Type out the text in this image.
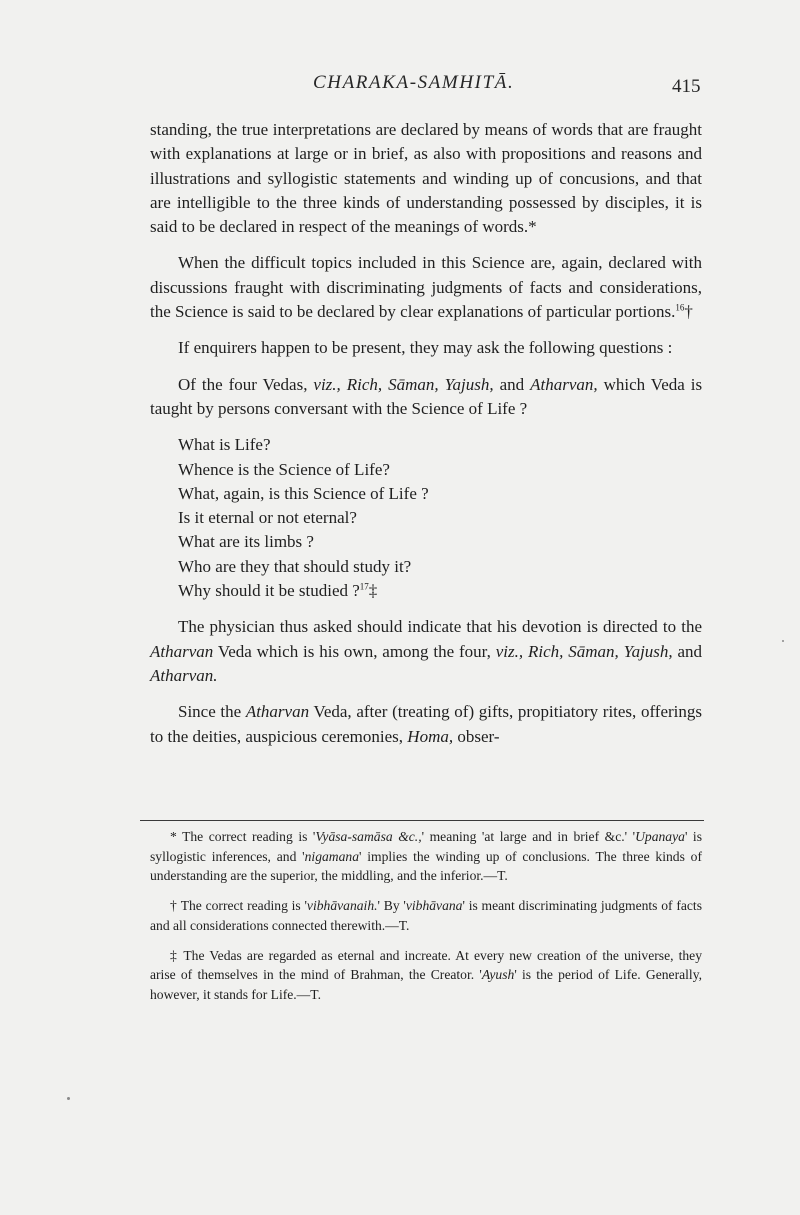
CHARAKA-SAMHITĀ.	415

standing, the true interpretations are declared by means of words that are fraught with explanations at large or in brief, as also with propositions and reasons and illustrations and syllogistic statements and winding up of concusions, and that are intelligible to the three kinds of understanding possessed by disciples, it is said to be declared in respect of the meanings of words.*

When the difficult topics included in this Science are, again, declared with discussions fraught with discriminating judgments of facts and considerations, the Science is said to be declared by clear explanations of particular portions.$^{16}$†

If enquirers happen to be present, they may ask the following questions :

Of the four Vedas, viz., Rich, Sāman, Yajush, and Atharvan, which Veda is taught by persons conversant with the Science of Life ?

What is Life?
Whence is the Science of Life?
What, again, is this Science of Life ?
Is it eternal or not eternal?
What are its limbs ?
Who are they that should study it?
Why should it be studied ?$^{17}$‡

The physician thus asked should indicate that his devotion is directed to the Atharvan Veda which is his own, among the four, viz., Rich, Sāman, Yajush, and Atharvan.

Since the Atharvan Veda, after (treating of) gifts, propitiatory rites, offerings to the deities, auspicious ceremonies, Homa, obser-

* The correct reading is 'Vyāsa-samāsa &c.,' meaning 'at large and in brief &c.' 'Upanaya' is syllogistic inferences, and 'nigamana' implies the winding up of conclusions. The three kinds of understanding are the superior, the middling, and the inferior.—T.

† The correct reading is 'vibhāvanaih.' By 'vibhāvana' is meant discriminating judgments of facts and all considerations connected therewith.—T.

‡ The Vedas are regarded as eternal and increate. At every new creation of the universe, they arise of themselves in the mind of Brahman, the Creator. 'Ayush' is the period of Life. Generally, however, it stands for Life.—T.
